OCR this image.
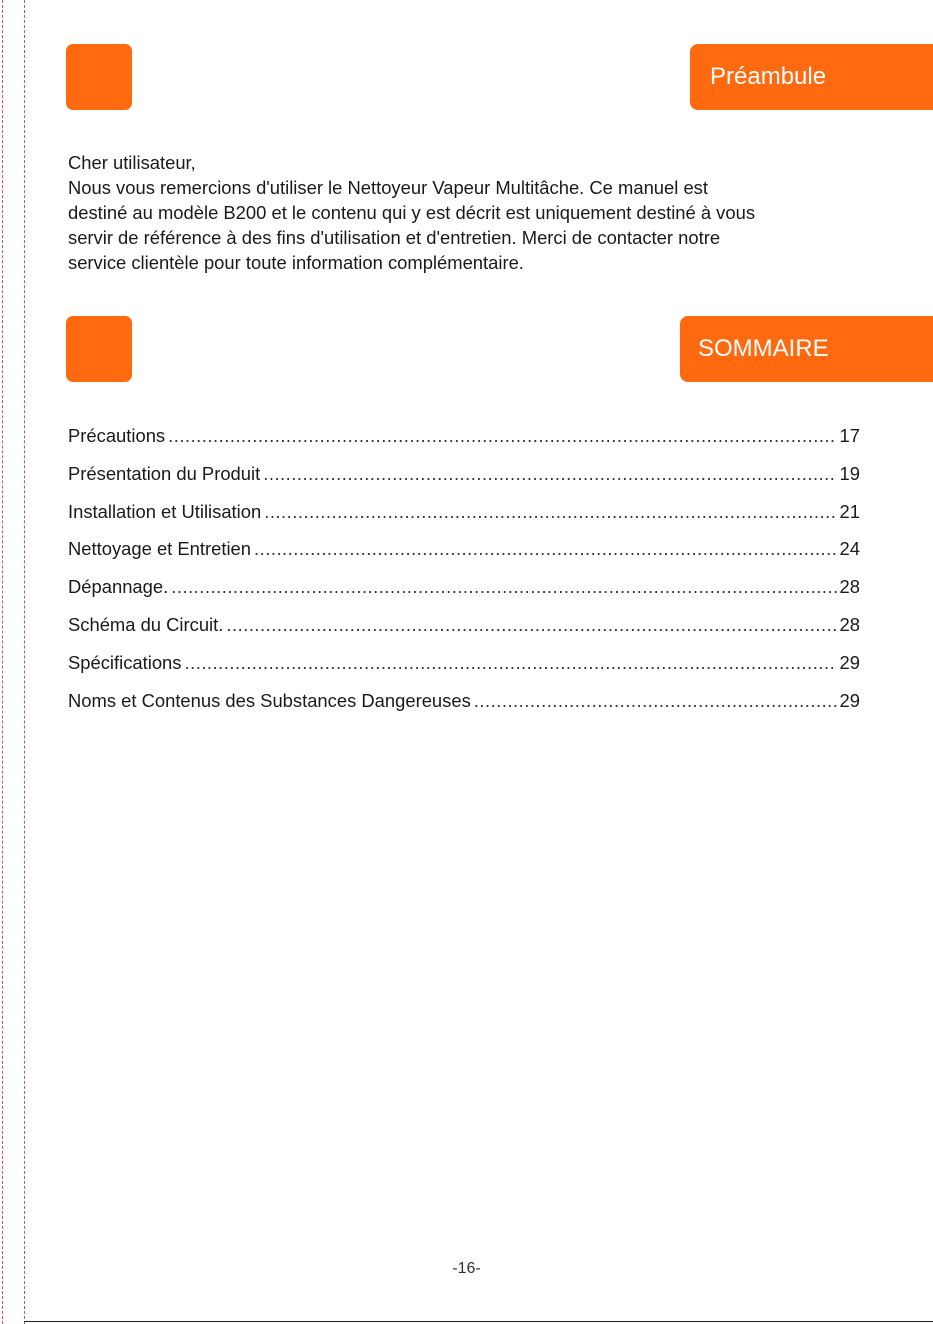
Préambule

Cher utilisateur,

Nous vous remercions d'utiliser le Nettoyeur Vapeur Multitâche. Ce manuel est

destiné au modèle B200 et le contenu qui y est décrit est uniquement destiné à vous

servir de référence à des fins d'utilisation et d'entretien. Merci de contacter notre

service clientèle pour toute information complémentaire.

SOMMAIRE
Précautions .....	17
Présentation du Produit .....	19
Installation et Utilisation .....	21
Nettoyage et Entretien .....	24
Dépannage. .....	28
Schéma du Circuit. .....	28
Spécifications .....	29
Noms et Contenus des Substances Dangereuses .....	29
-16-
